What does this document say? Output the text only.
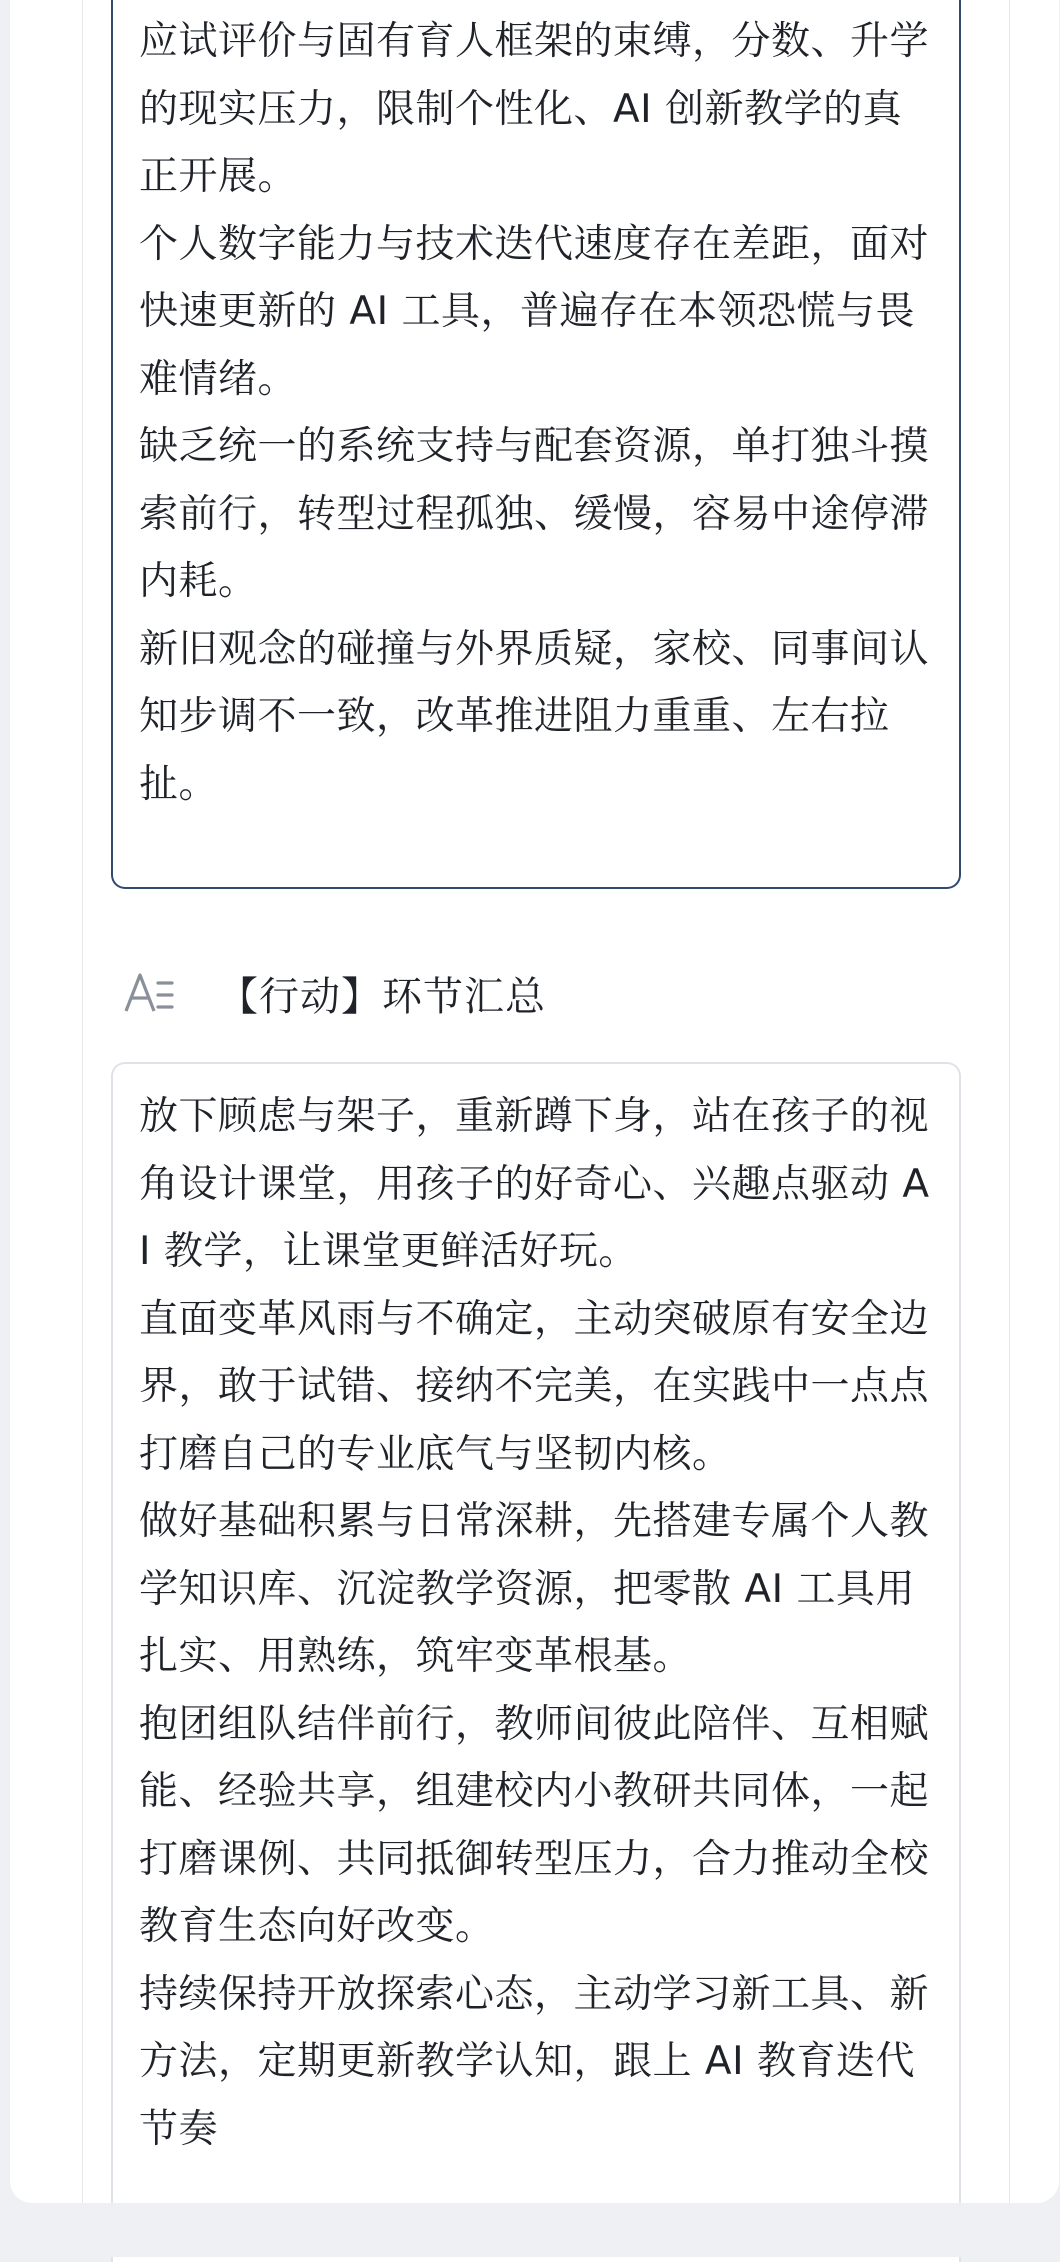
应试评价与固有育人框架的束缚，分数、升学的现实压力，限制个性化、AI 创新教学的真正开展。

个人数字能力与技术迭代速度存在差距，面对快速更新的 AI 工具，普遍存在本领恐慌与畏难情绪。

缺乏统一的系统支持与配套资源，单打独斗摸索前行，转型过程孤独、缓慢，容易中途停滞内耗。

新旧观念的碰撞与外界质疑，家校、同事间认知步调不一致，改革推进阻力重重、左右拉扯。

【行动】环节汇总

放下顾虑与架子，重新蹲下身，站在孩子的视角设计课堂，用孩子的好奇心、兴趣点驱动 AI 教学，让课堂更鲜活好玩。

直面变革风雨与不确定，主动突破原有安全边界，敢于试错、接纳不完美，在实践中一点点打磨自己的专业底气与坚韧内核。

做好基础积累与日常深耕，先搭建专属个人教学知识库、沉淀教学资源，把零散 AI 工具用扎实、用熟练，筑牢变革根基。

抱团组队结伴前行，教师间彼此陪伴、互相赋能、经验共享，组建校内小教研共同体，一起打磨课例、共同抵御转型压力，合力推动全校教育生态向好改变。

持续保持开放探索心态，主动学习新工具、新方法，定期更新教学认知，跟上 AI 教育迭代节奏
